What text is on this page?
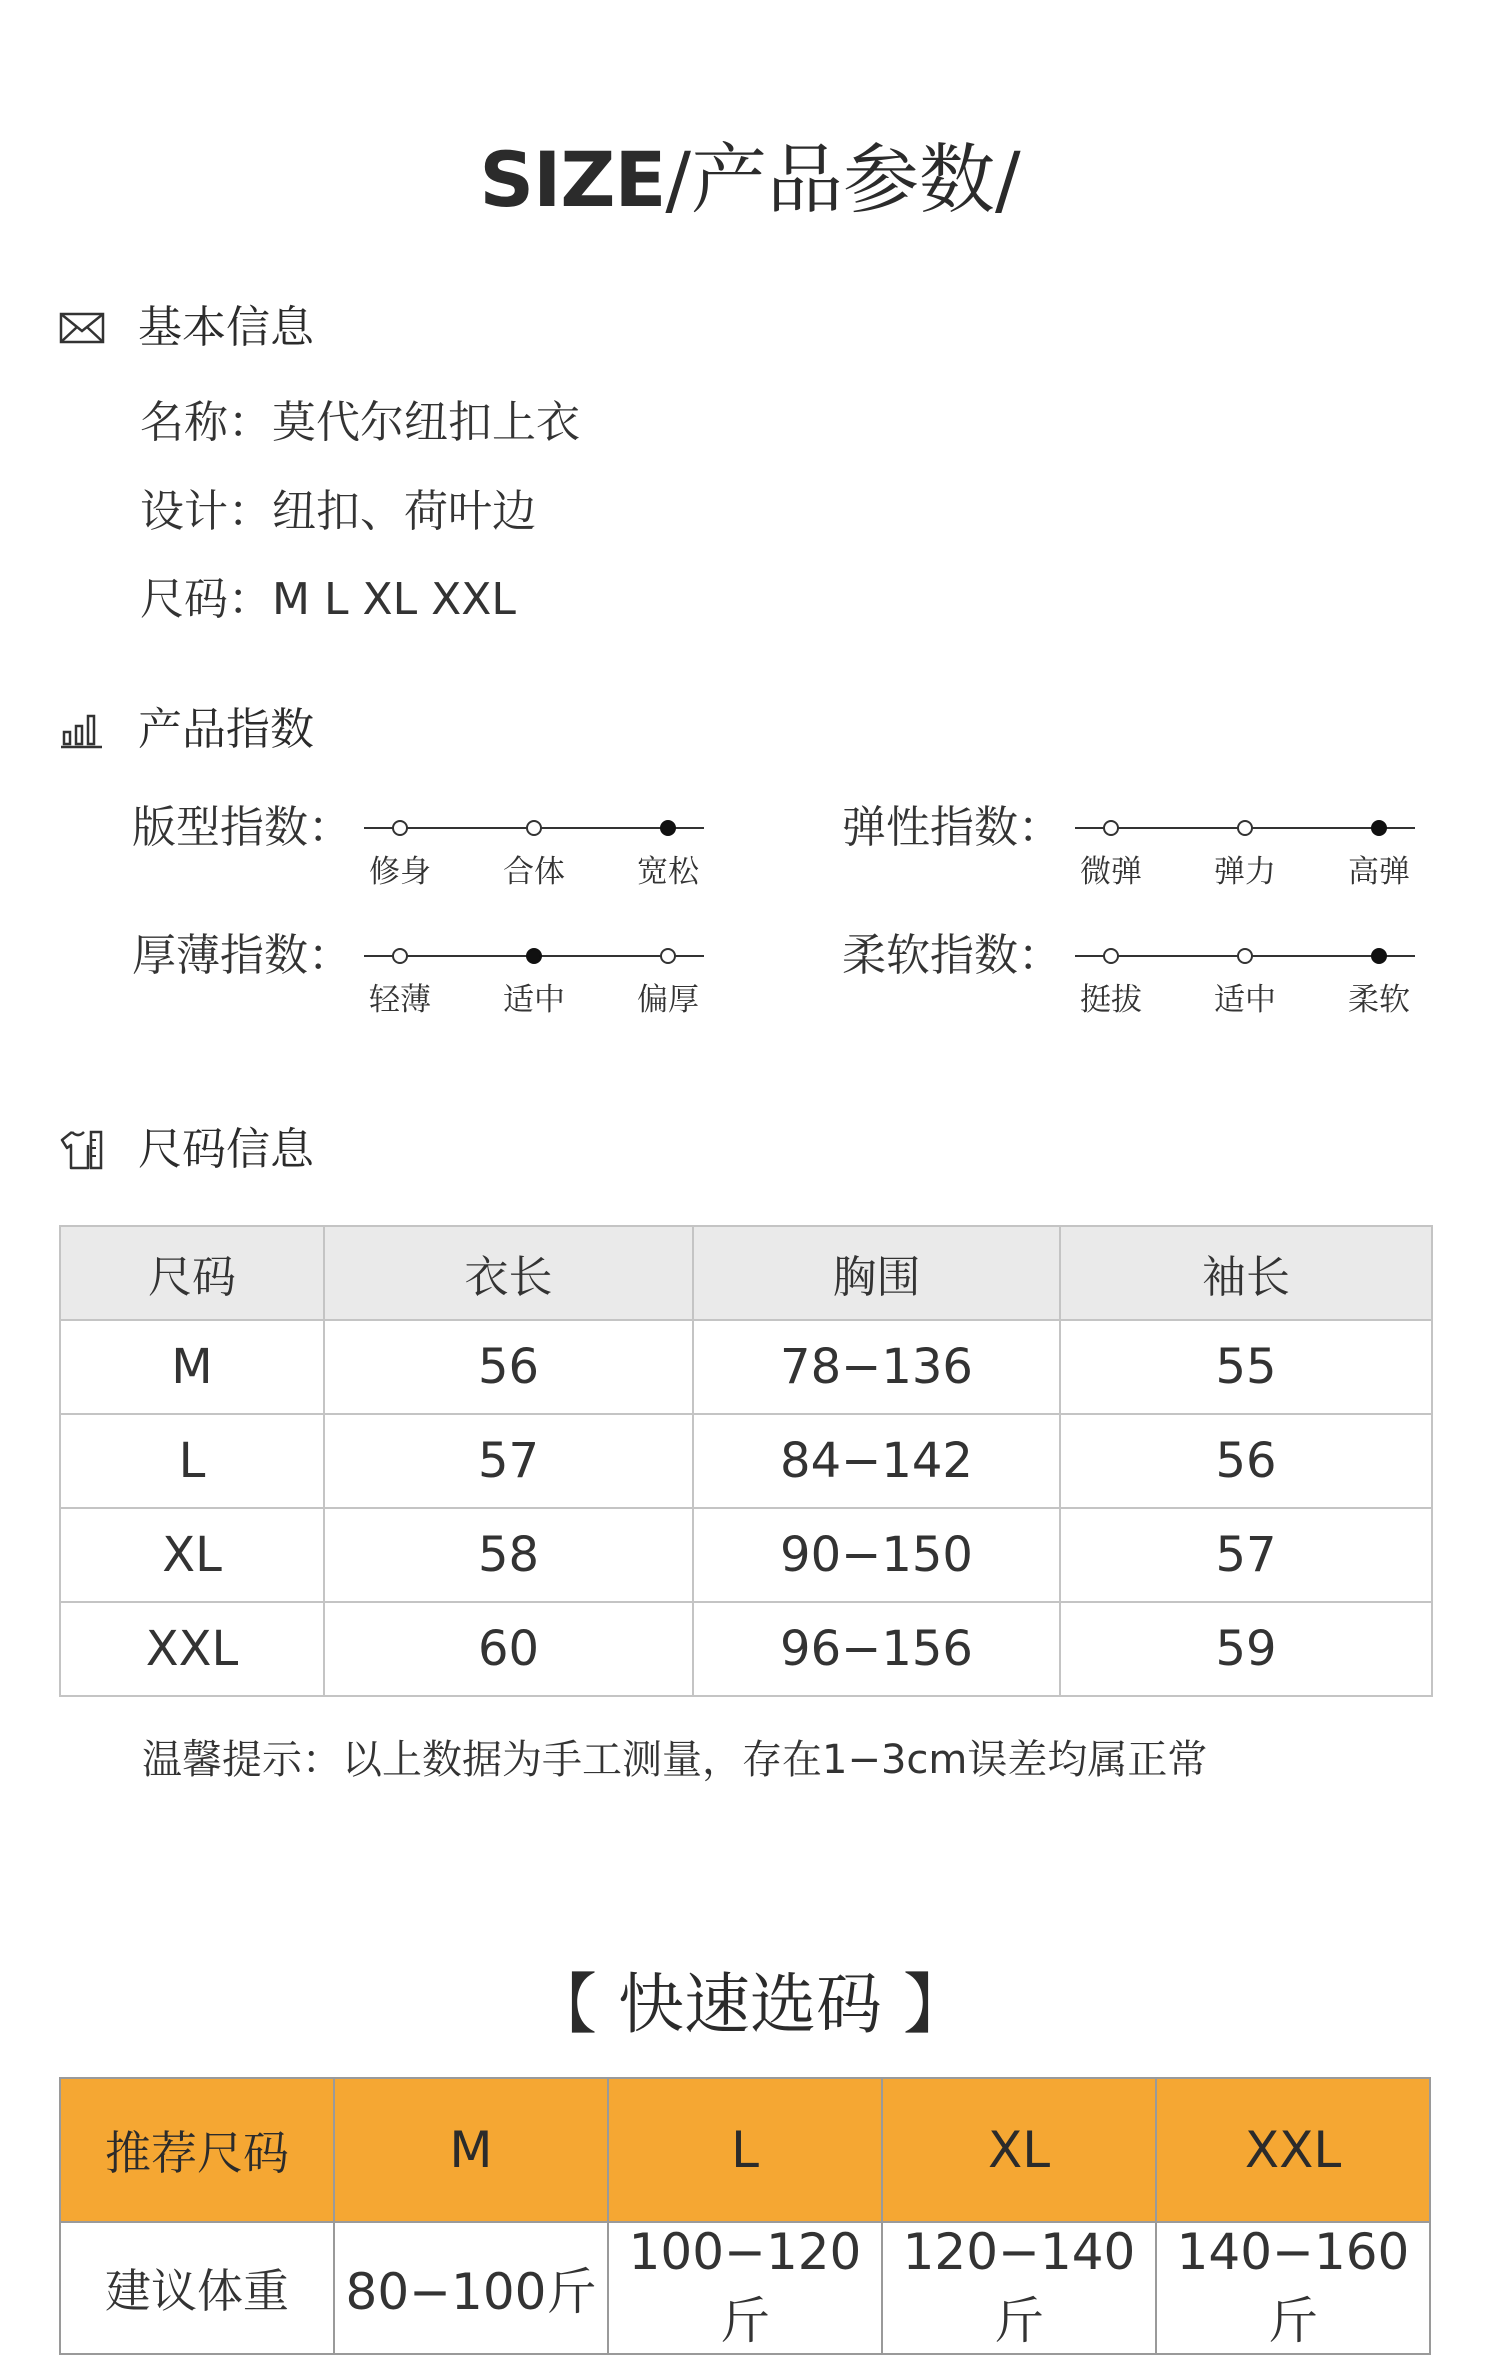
SIZE/产品参数/
基本信息
名称：莫代尔纽扣上衣
设计：纽扣、荷叶边
尺码：M L XL XXL
产品指数
版型指数：
修身	合体	宽松
弹性指数：
微弹	弹力	高弹
厚薄指数：
轻薄	适中	偏厚
柔软指数：
挺拔	适中	柔软
尺码信息
尺码	衣长	胸围	袖长
M	56	78−136	55
L	57	84−142	56
XL	58	90−150	57
XXL	60	96−156	59
温馨提示：以上数据为手工测量，存在1−3cm误差均属正常
【 快速选码 】
推荐尺码	M	L	XL	XXL
建议体重	80−100斤	100−120斤	120−140斤	140−160斤
